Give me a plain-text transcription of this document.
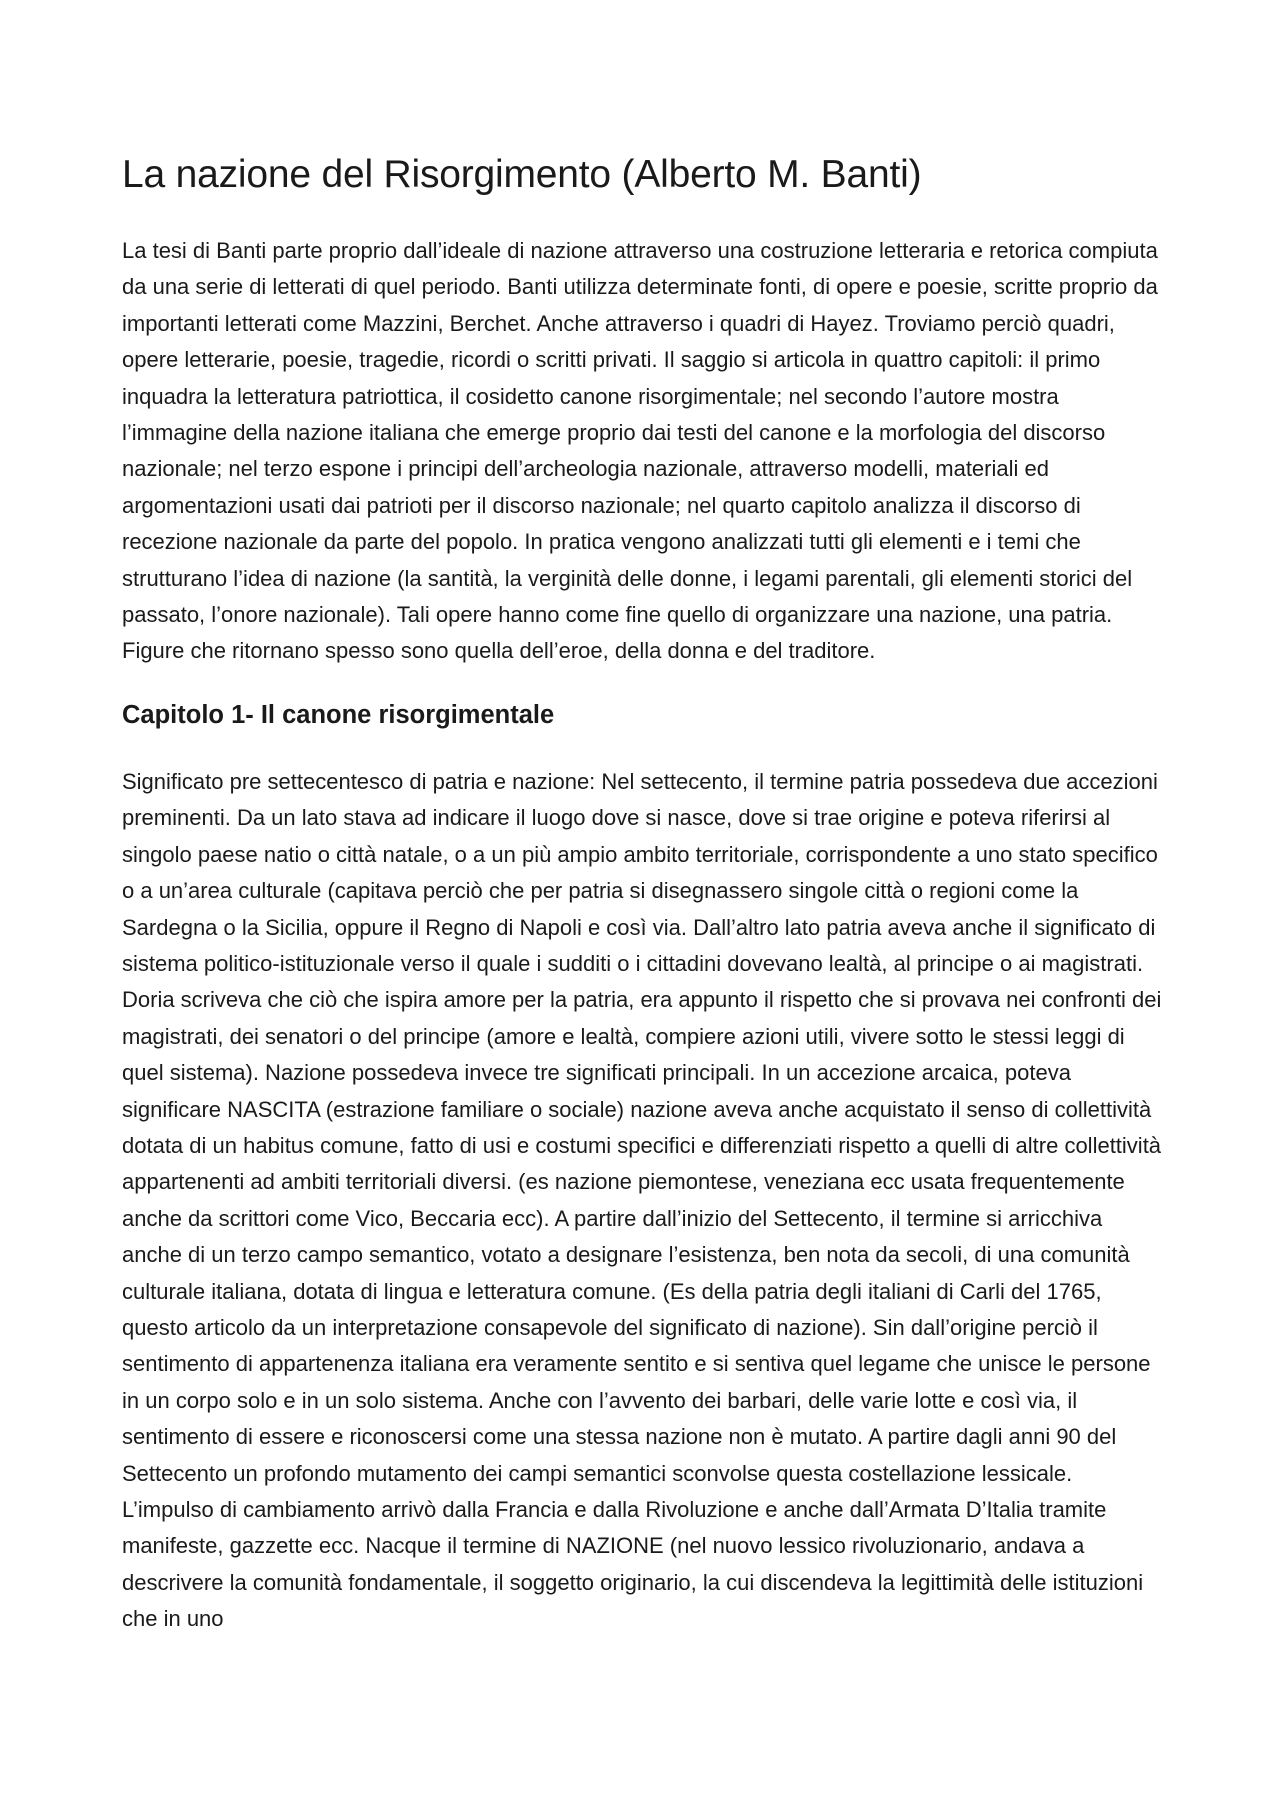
La nazione del Risorgimento (Alberto M. Banti)

La tesi di Banti parte proprio dall’ideale di nazione attraverso una costruzione letteraria e retorica compiuta da una serie di letterati di quel periodo. Banti utilizza determinate fonti, di opere e poesie, scritte proprio da importanti letterati come Mazzini, Berchet. Anche attraverso i quadri di Hayez. Troviamo perciò quadri, opere letterarie, poesie, tragedie, ricordi o scritti privati. Il saggio si articola in quattro capitoli: il primo inquadra la letteratura patriottica, il cosidetto canone risorgimentale; nel secondo l’autore mostra l’immagine della nazione italiana che emerge proprio dai testi del canone e la morfologia del discorso nazionale; nel terzo espone i principi dell’archeologia nazionale, attraverso modelli, materiali ed argomentazioni usati dai patrioti per il discorso nazionale; nel quarto capitolo analizza il discorso di recezione nazionale da parte del popolo. In pratica vengono analizzati tutti gli elementi e i temi che strutturano l’idea di nazione (la santità, la verginità delle donne, i legami parentali, gli elementi storici del passato, l’onore nazionale). Tali opere hanno come fine quello di organizzare una nazione, una patria. Figure che ritornano spesso sono quella dell’eroe, della donna e del traditore.

Capitolo 1- Il canone risorgimentale

Significato pre settecentesco di patria e nazione: Nel settecento, il termine patria possedeva due accezioni preminenti. Da un lato stava ad indicare il luogo dove si nasce, dove si trae origine e poteva riferirsi al singolo paese natio o città natale, o a un più ampio ambito territoriale, corrispondente a uno stato specifico o a un’area culturale (capitava perciò che per patria si disegnassero singole città o regioni come la Sardegna o la Sicilia, oppure il Regno di Napoli e così via. Dall’altro lato patria aveva anche il significato di sistema politico-istituzionale verso il quale i sudditi o i cittadini dovevano lealtà, al principe o ai magistrati. Doria scriveva che ciò che ispira amore per la patria, era appunto il rispetto che si provava nei confronti dei magistrati, dei senatori o del principe (amore e lealtà, compiere azioni utili, vivere sotto le stessi leggi di quel sistema). Nazione possedeva invece tre significati principali. In un accezione arcaica, poteva significare NASCITA (estrazione familiare o sociale) nazione aveva anche acquistato il senso di collettività dotata di un habitus comune, fatto di usi e costumi specifici e differenziati rispetto a quelli di altre collettività appartenenti ad ambiti territoriali diversi. (es nazione piemontese, veneziana ecc usata frequentemente anche da scrittori come Vico, Beccaria ecc). A partire dall’inizio del Settecento, il termine si arricchiva anche di un terzo campo semantico, votato a designare l’esistenza, ben nota da secoli, di una comunità culturale italiana, dotata di lingua e letteratura comune. (Es della patria degli italiani di Carli del 1765, questo articolo da un interpretazione consapevole del significato di nazione). Sin dall’origine perciò il sentimento di appartenenza italiana era veramente sentito e si sentiva quel legame che unisce le persone in un corpo solo e in un solo sistema. Anche con l’avvento dei barbari, delle varie lotte e così via, il sentimento di essere e riconoscersi come una stessa nazione non è mutato. A partire dagli anni 90 del Settecento un profondo mutamento dei campi semantici sconvolse questa costellazione lessicale. L’impulso di cambiamento arrivò dalla Francia e dalla Rivoluzione e anche dall’Armata D’Italia tramite manifeste, gazzette ecc. Nacque il termine di NAZIONE (nel nuovo lessico rivoluzionario, andava a descrivere la comunità fondamentale, il soggetto originario, la cui discendeva la legittimità delle istituzioni che in uno
